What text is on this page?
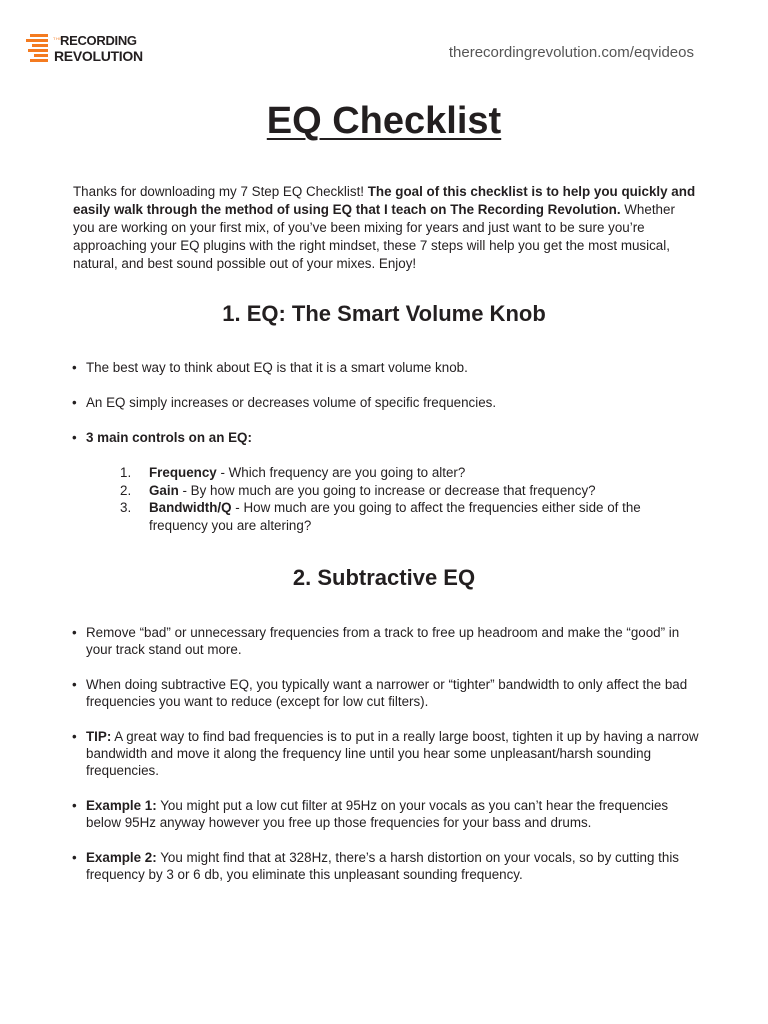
THE
RECORDING
REVOLUTION	therecordingrevolution.com/eqvideos
EQ Checklist

Thanks for downloading my 7 Step EQ Checklist! The goal of this checklist is to help you quickly and easily walk through the method of using EQ that I teach on The Recording Revolution. Whether you are working on your first mix, of you’ve been mixing for years and just want to be sure you’re approaching your EQ plugins with the right mindset, these 7 steps will help you get the most musical, natural, and best sound possible out of your mixes. Enjoy!

1. EQ: The Smart Volume Knob
• The best way to think about EQ is that it is a smart volume knob.
• An EQ simply increases or decreases volume of specific frequencies.
• 3 main controls on an EQ:
1. Frequency - Which frequency are you going to alter?
2. Gain - By how much are you going to increase or decrease that frequency?
3. Bandwidth/Q - How much are you going to affect the frequencies either side of the frequency you are altering?
2. Subtractive EQ
• Remove “bad” or unnecessary frequencies from a track to free up headroom and make the “good” in your track stand out more.
• When doing subtractive EQ, you typically want a narrower or “tighter” bandwidth to only affect the bad frequencies you want to reduce (except for low cut filters).
• TIP: A great way to find bad frequencies is to put in a really large boost, tighten it up by having a narrow bandwidth and move it along the frequency line until you hear some unpleasant/harsh sounding frequencies.
• Example 1: You might put a low cut filter at 95Hz on your vocals as you can’t hear the frequencies below 95Hz anyway however you free up those frequencies for your bass and drums.
• Example 2: You might find that at 328Hz, there’s a harsh distortion on your vocals, so by cutting this frequency by 3 or 6 db, you eliminate this unpleasant sounding frequency.
